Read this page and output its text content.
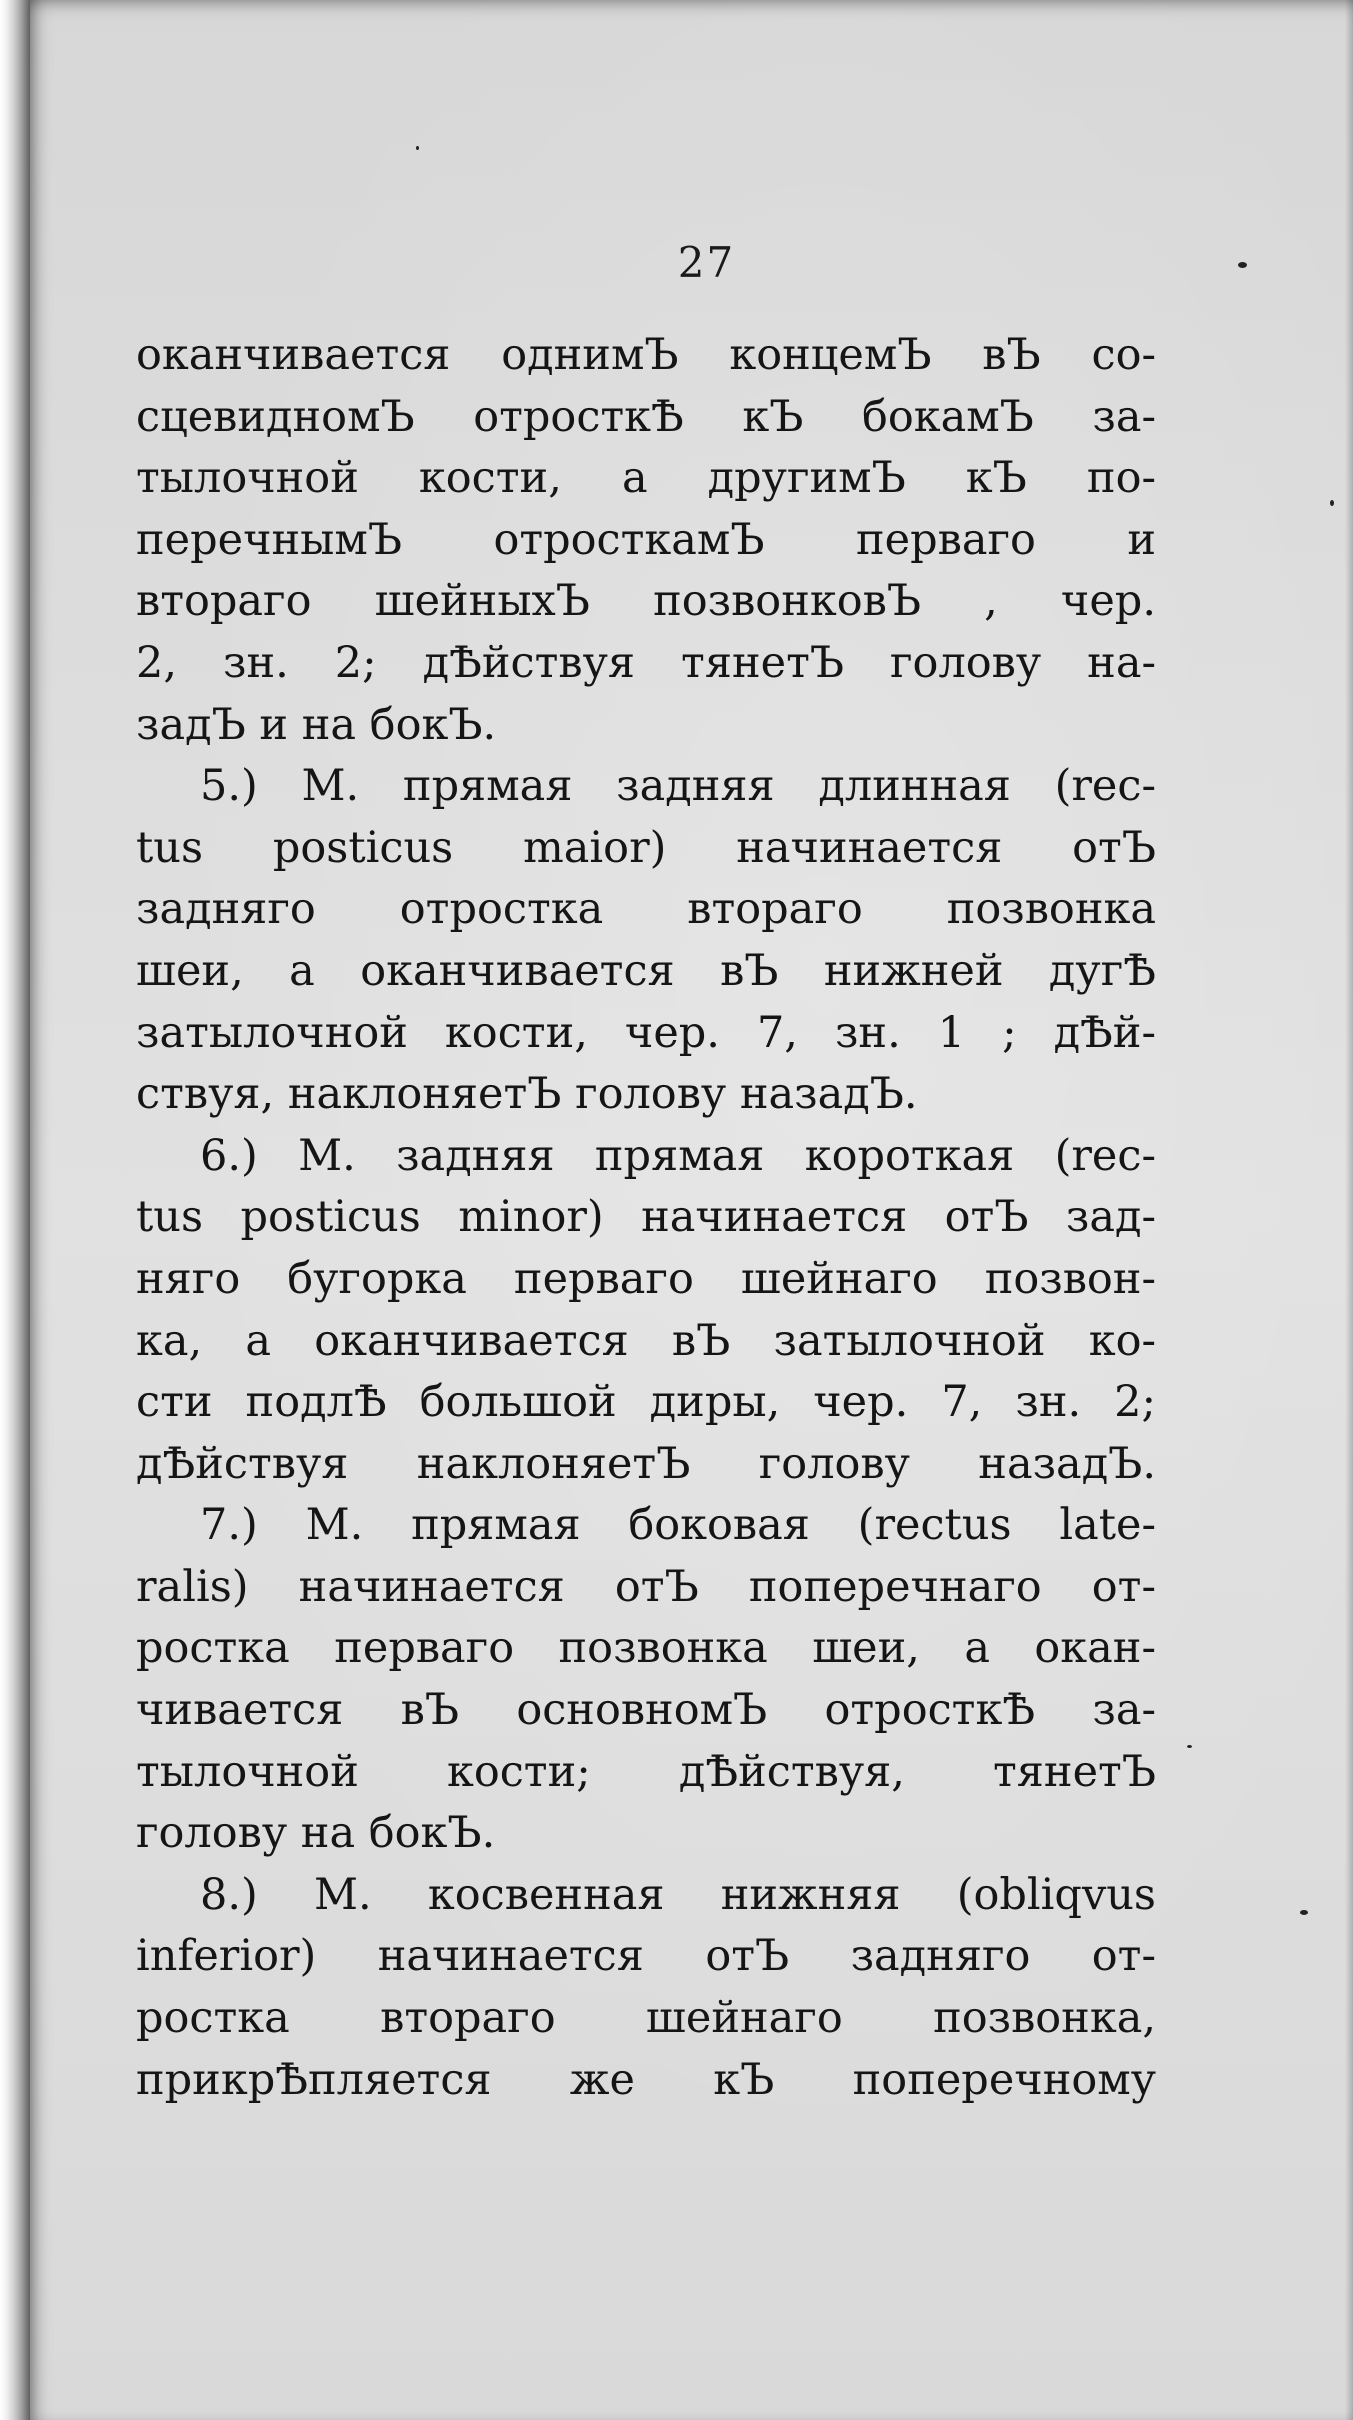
27
оканчивается однимЪ концемЪ вЪ со-
сцевидномЪ отросткѢ кЪ бокамЪ за-
тылочной кости, а другимЪ кЪ по-
перечнымЪ отросткамЪ перваго и
втораго шейныхЪ позвонковЪ , чер.
2, зн. 2; дѢйствуя тянетЪ голову на-
задЪ и на бокЪ.
5.) М. прямая задняя длинная (rec-
tus posticus maior) начинается отЪ
задняго отростка втораго позвонка
шеи, а оканчивается вЪ нижней дугѢ
затылочной кости, чер. 7, зн. 1 ; дѢй-
ствуя, наклоняетЪ голову назадЪ.
6.) М. задняя прямая короткая (rec-
tus posticus minor) начинается отЪ зад-
няго бугорка перваго шейнаго позвон-
ка, а оканчивается вЪ затылочной ко-
сти подлѢ большой диры, чер. 7, зн. 2;
дѢйствуя наклоняетЪ голову назадЪ.
7.) М. прямая боковая (rectus late-
ralis) начинается отЪ поперечнаго от-
ростка перваго позвонка шеи, а окан-
чивается вЪ основномЪ отросткѢ за-
тылочной кости; дѢйствуя, тянетЪ
голову на бокЪ.
8.) М. косвенная нижняя (obliqvus
inferior) начинается отЪ задняго от-
ростка втораго шейнаго позвонка,
прикрѢпляется же кЪ поперечному
